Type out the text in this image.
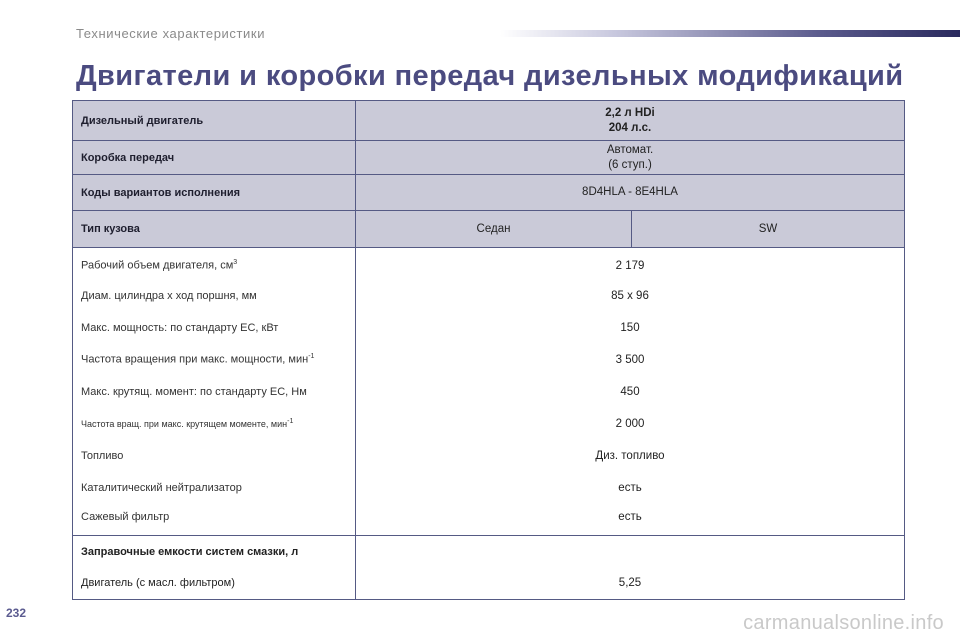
Технические характеристики
Двигатели и коробки передач дизельных модификаций
Дизельный двигатель	2,2 л HDi
204 л.с.	

Коробка передач	Автомат.
(6 ступ.)	

Коды вариантов исполнения	8D4HLA - 8E4HLA	
Тип кузова	Седан	SW
Рабочий объем двигателя, $см^3$	2 179	
Диам. цилиндра х ход поршня, мм	85 x 96	
Макс. мощность: по стандарту ЕС, кВт	150	
Частота вращения при макс. мощности, мин$^{-1}$	3 500	
Макс. крутящ. момент: по стандарту ЕС, Нм	450	
Частота вращ. при макс. крутящем моменте, мин$^{-1}$	2 000	
Топливо	Диз. топливо	
Каталитический нейтрализатор	есть	
Сажевый фильтр	есть	
Заправочные емкости систем смазки, л		
Двигатель (с масл. фильтром)	5,25	
232	carmanualsonline.info
